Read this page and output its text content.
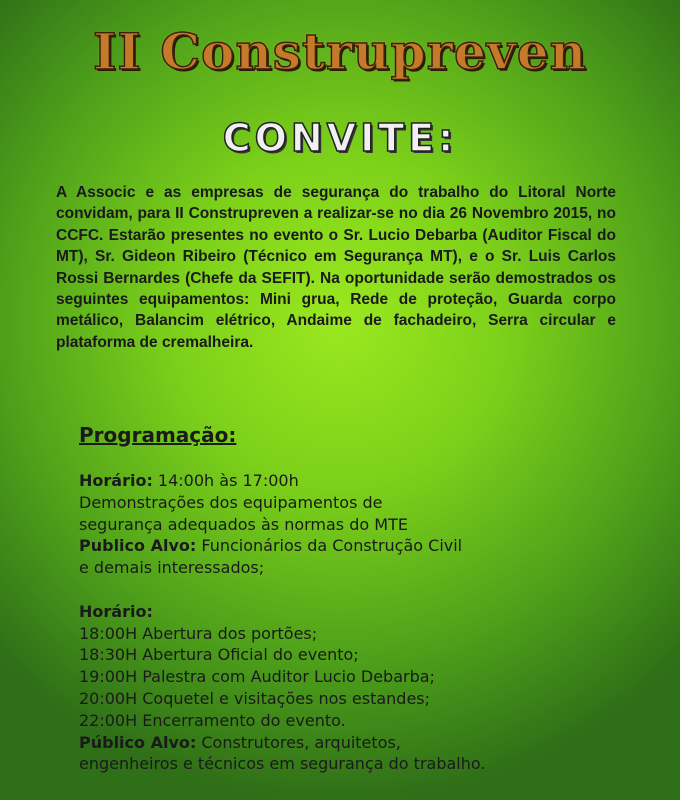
II Construpreven
CONVITE:
A Associc e as empresas de segurança do trabalho do Litoral Norte convidam, para II Construpreven a realizar-se no dia 26 Novembro 2015, no CCFC. Estarão presentes no evento o Sr. Lucio Debarba (Auditor Fiscal do MT), Sr. Gideon Ribeiro (Técnico em Segurança MT), e o Sr. Luis Carlos Rossi Bernardes (Chefe da SEFIT). Na oportunidade serão demostrados os seguintes equipamentos: Mini grua, Rede de proteção, Guarda corpo metálico, Balancim elétrico, Andaime de fachadeiro, Serra circular e plataforma de cremalheira.
Programação:

Horário: 14:00h às 17:00h

Demonstrações dos equipamentos de

segurança adequados às normas do MTE

Publico Alvo: Funcionários da Construção Civil

e demais interessados;

Horário:

18:00H Abertura dos portões;

18:30H Abertura Oficial do evento;

19:00H Palestra com Auditor Lucio Debarba;

20:00H Coquetel e visitações nos estandes;

22:00H Encerramento do evento.

Público Alvo: Construtores, arquitetos,

engenheiros e técnicos em segurança do trabalho.
